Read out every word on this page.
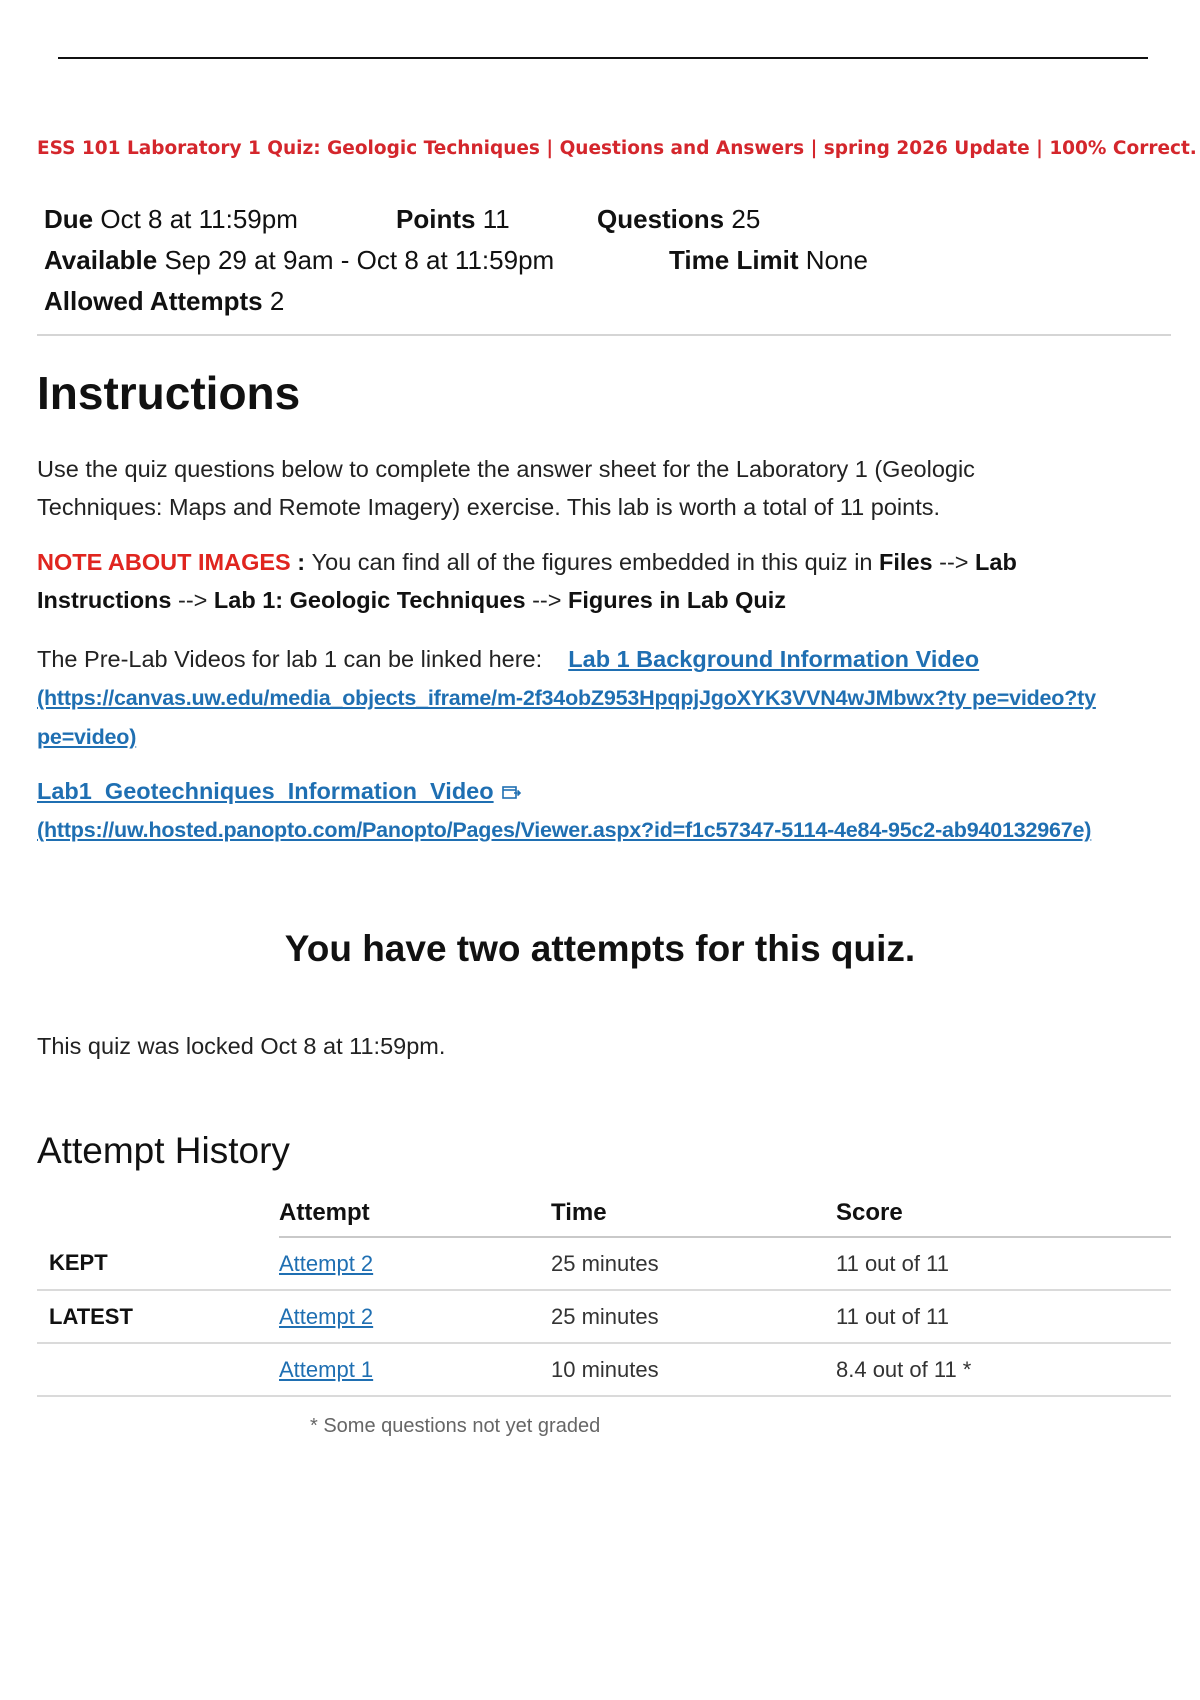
ESS 101 Laboratory 1 Quiz: Geologic Techniques | Questions and Answers | spring 2026 Update | 100% Correct.
Due Oct 8 at 11:59pm	Points 11	Questions 25
Available Sep 29 at 9am - Oct 8 at 11:59pm	Time Limit None
Allowed Attempts 2
Instructions

Use the quiz questions below to complete the answer sheet for the Laboratory 1 (Geologic Techniques: Maps and Remote Imagery) exercise. This lab is worth a total of 11 points.

NOTE ABOUT IMAGES : You can find all of the figures embedded in this quiz in Files --> Lab Instructions --> Lab 1: Geologic Techniques --> Figures in Lab Quiz

The Pre-Lab Videos for lab 1 can be linked here: Lab 1 Background Information Video
(https://canvas.uw.edu/media_objects_iframe/m-2f34obZ953HpqpjJgoXYK3VVN4wJMbwx?ty pe=video?ty pe=video)

Lab1_Geotechniques_Information_Video

(https://uw.hosted.panopto.com/Panopto/Pages/Viewer.aspx?id=f1c57347-5114-4e84-95c2-ab940132967e)

You have two attempts for this quiz.
This quiz was locked Oct 8 at 11:59pm.
Attempt History
	Attempt	Time	Score
KEPT	Attempt 2	25 minutes	11 out of 11
LATEST	Attempt 2	25 minutes	11 out of 11
	Attempt 1	10 minutes	8.4 out of 11 *
* Some questions not yet graded
